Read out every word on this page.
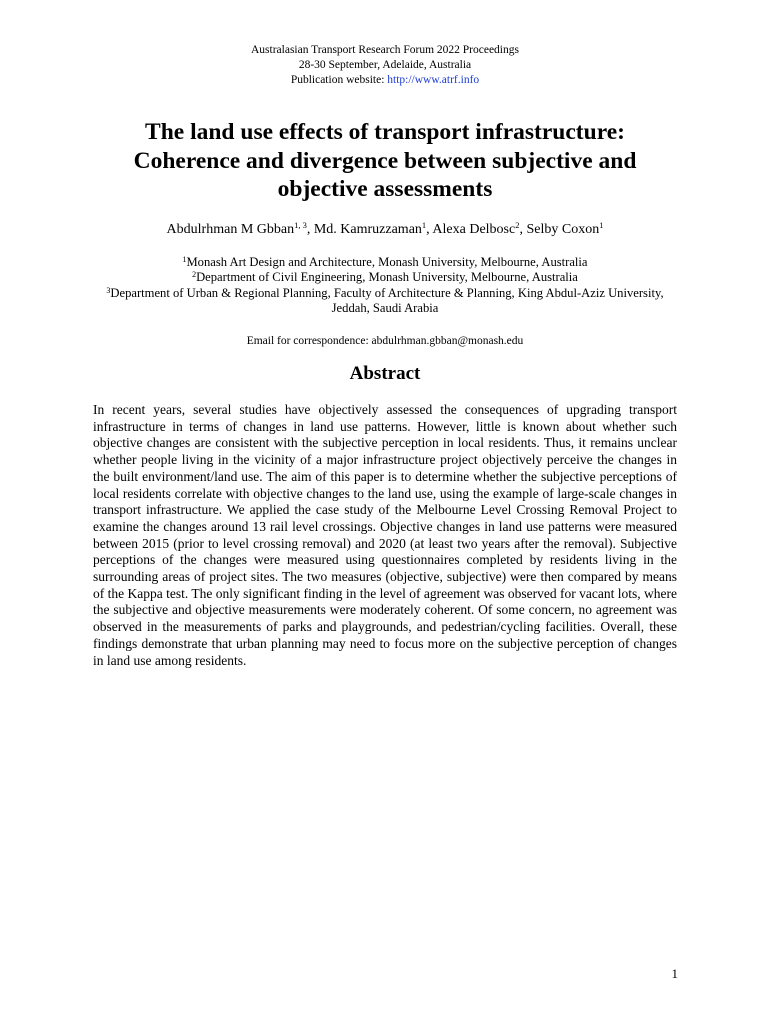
Australasian Transport Research Forum 2022 Proceedings
28-30 September, Adelaide, Australia
Publication website: http://www.atrf.info
The land use effects of transport infrastructure:
Coherence and divergence between subjective and
objective assessments
Abdulrhman M Gbban$^{1, 3}$, Md. Kamruzzaman$^1$, Alexa Delbosc$^2$, Selby Coxon$^1$
$^1$Monash Art Design and Architecture, Monash University, Melbourne, Australia
$^2$Department of Civil Engineering, Monash University, Melbourne, Australia
$^3$Department of Urban & Regional Planning, Faculty of Architecture & Planning, King Abdul-Aziz University, Jeddah, Saudi Arabia
Email for correspondence: abdulrhman.gbban@monash.edu
Abstract

In recent years, several studies have objectively assessed the consequences of upgrading transport infrastructure in terms of changes in land use patterns. However, little is known about whether such objective changes are consistent with the subjective perception in local residents. Thus, it remains unclear whether people living in the vicinity of a major infrastructure project objectively perceive the changes in the built environment/land use. The aim of this paper is to determine whether the subjective perceptions of local residents correlate with objective changes to the land use, using the example of large-scale changes in transport infrastructure. We applied the case study of the Melbourne Level Crossing Removal Project to examine the changes around 13 rail level crossings. Objective changes in land use patterns were measured between 2015 (prior to level crossing removal) and 2020 (at least two years after the removal). Subjective perceptions of the changes were measured using questionnaires completed by residents living in the surrounding areas of project sites. The two measures (objective, subjective) were then compared by means of the Kappa test. The only significant finding in the level of agreement was observed for vacant lots, where the subjective and objective measurements were moderately coherent. Of some concern, no agreement was observed in the measurements of parks and playgrounds, and pedestrian/cycling facilities. Overall, these findings demonstrate that urban planning may need to focus more on the subjective perception of changes in land use among residents.

1
